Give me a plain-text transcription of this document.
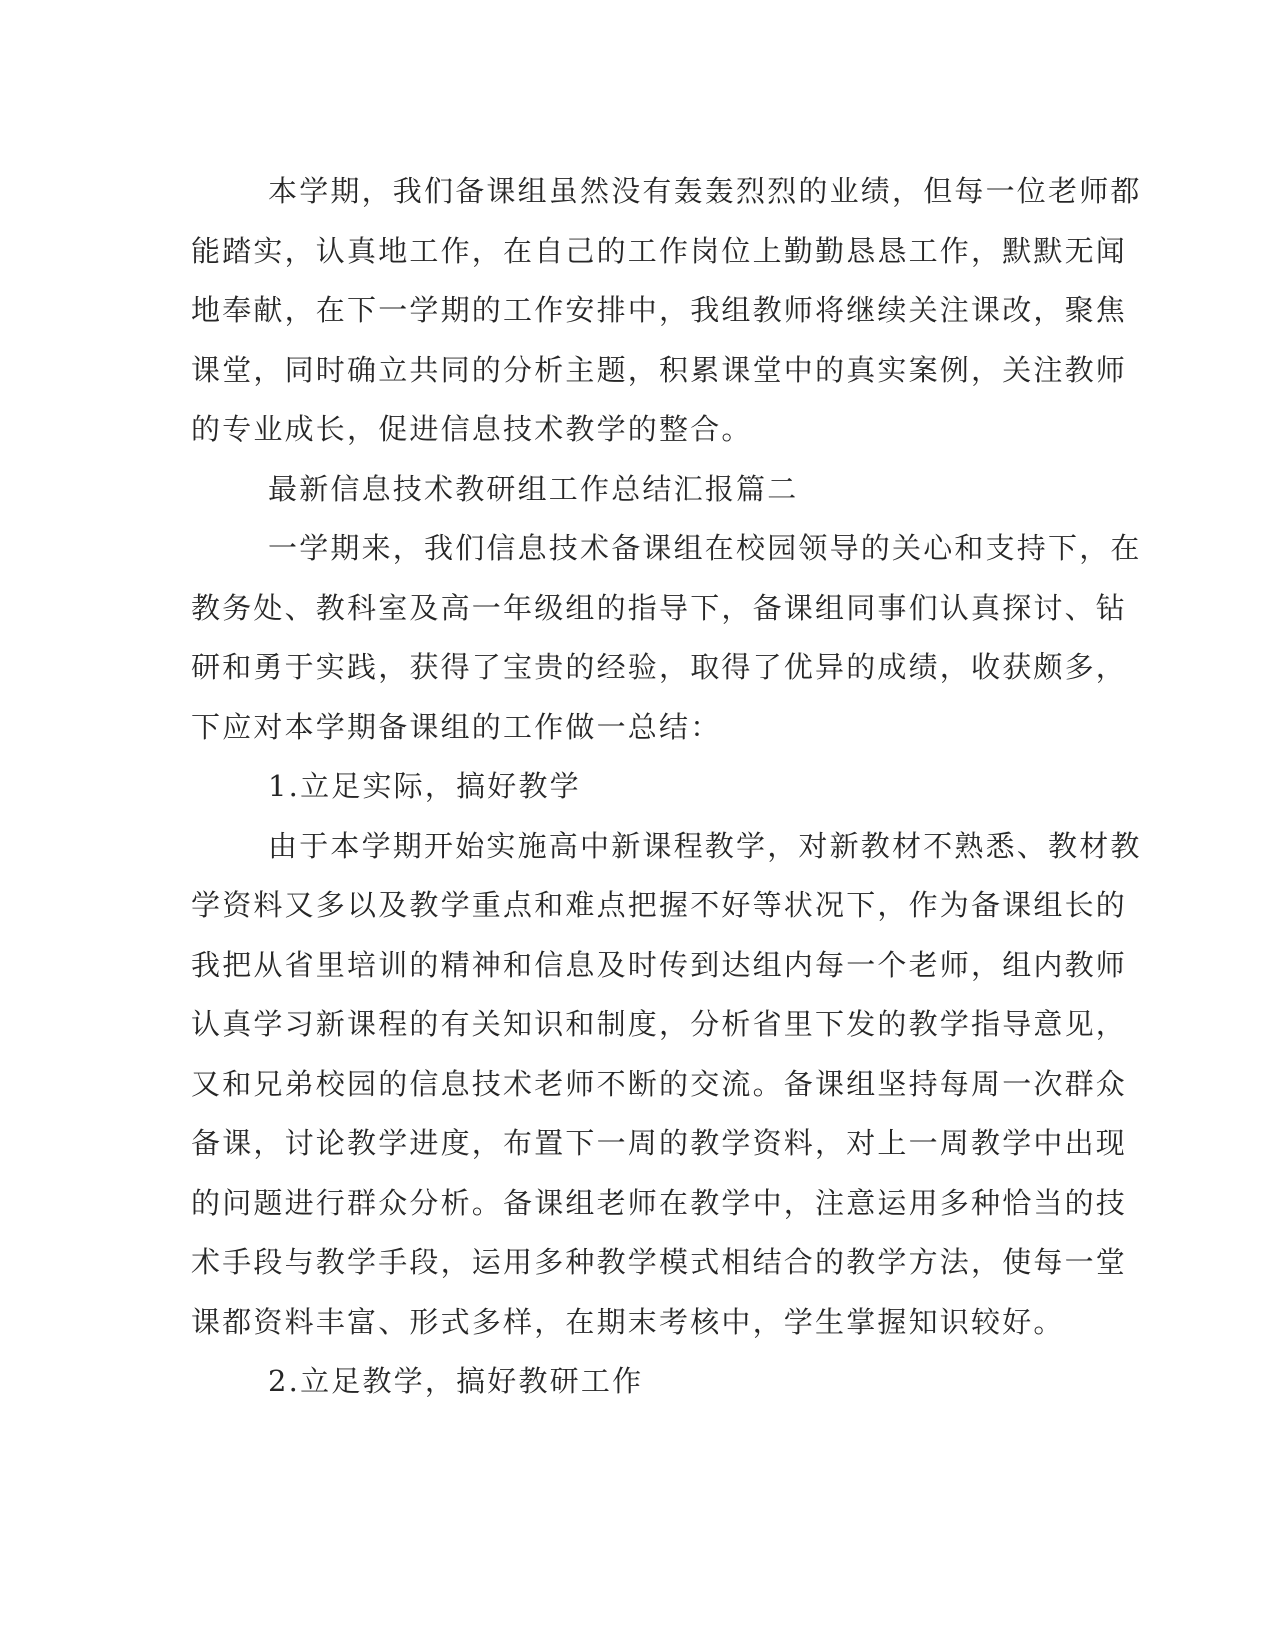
本学期，我们备课组虽然没有轰轰烈烈的业绩，但每一位老师都
能踏实，认真地工作，在自己的工作岗位上勤勤恳恳工作，默默无闻
地奉献，在下一学期的工作安排中，我组教师将继续关注课改，聚焦
课堂，同时确立共同的分析主题，积累课堂中的真实案例，关注教师
的专业成长，促进信息技术教学的整合。
最新信息技术教研组工作总结汇报篇二
一学期来，我们信息技术备课组在校园领导的关心和支持下，在
教务处、教科室及高一年级组的指导下，备课组同事们认真探讨、钻
研和勇于实践，获得了宝贵的经验，取得了优异的成绩，收获颇多，
下应对本学期备课组的工作做一总结：
1.立足实际，搞好教学
由于本学期开始实施高中新课程教学，对新教材不熟悉、教材教
学资料又多以及教学重点和难点把握不好等状况下，作为备课组长的
我把从省里培训的精神和信息及时传到达组内每一个老师，组内教师
认真学习新课程的有关知识和制度，分析省里下发的教学指导意见，
又和兄弟校园的信息技术老师不断的交流。备课组坚持每周一次群众
备课，讨论教学进度，布置下一周的教学资料，对上一周教学中出现
的问题进行群众分析。备课组老师在教学中，注意运用多种恰当的技
术手段与教学手段，运用多种教学模式相结合的教学方法，使每一堂
课都资料丰富、形式多样，在期末考核中，学生掌握知识较好。
2.立足教学，搞好教研工作
